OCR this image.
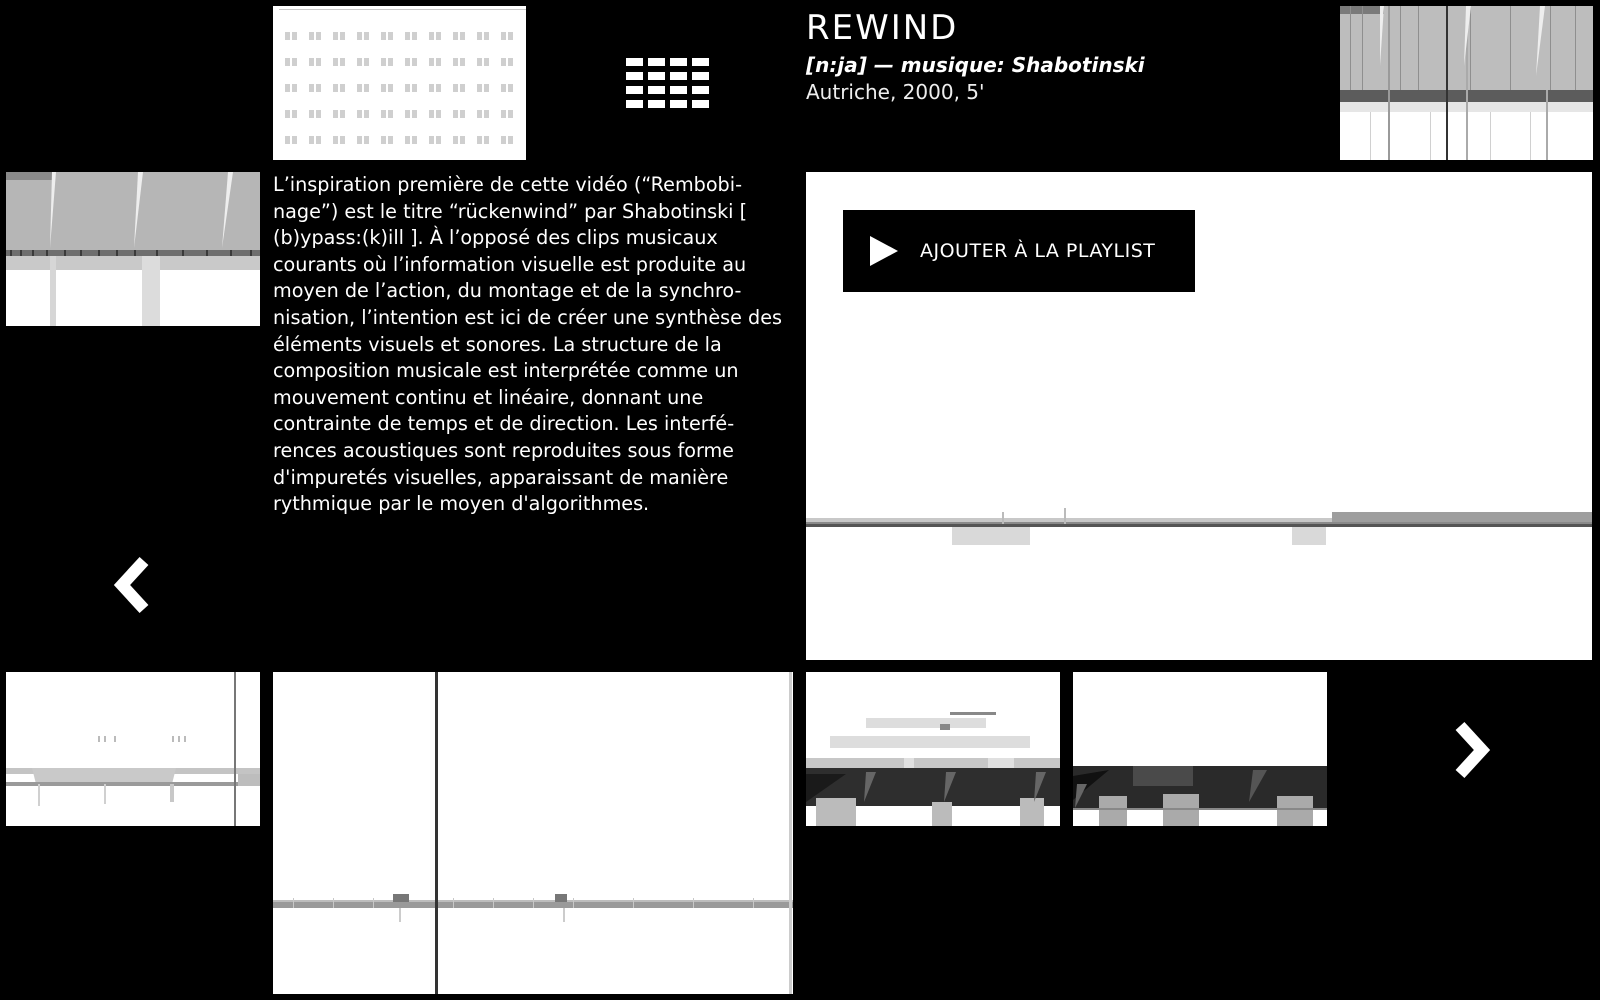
REWIND
[n:ja] — musique: Shabotinski
Autriche, 2000, 5'

L’inspiration première de cette vidéo (“Rembobi-nage”) est le titre “rückenwind” par Shabotinski [ (b)ypass:(k)ill ]. À l’opposé des clips musicaux courants où l’information visuelle est produite au moyen de l’action, du montage et de la synchro-nisation, l’intention est ici de créer une synthèse des éléments visuels et sonores. La structure de la composition musicale est interprétée comme un mouvement continu et linéaire, donnant une contrainte de temps et de direction. Les interfé-rences acoustiques sont reproduites sous forme d'impuretés visuelles, apparaissant de manière rythmique par le moyen d'algorithmes.

AJOUTER À LA PLAYLIST
